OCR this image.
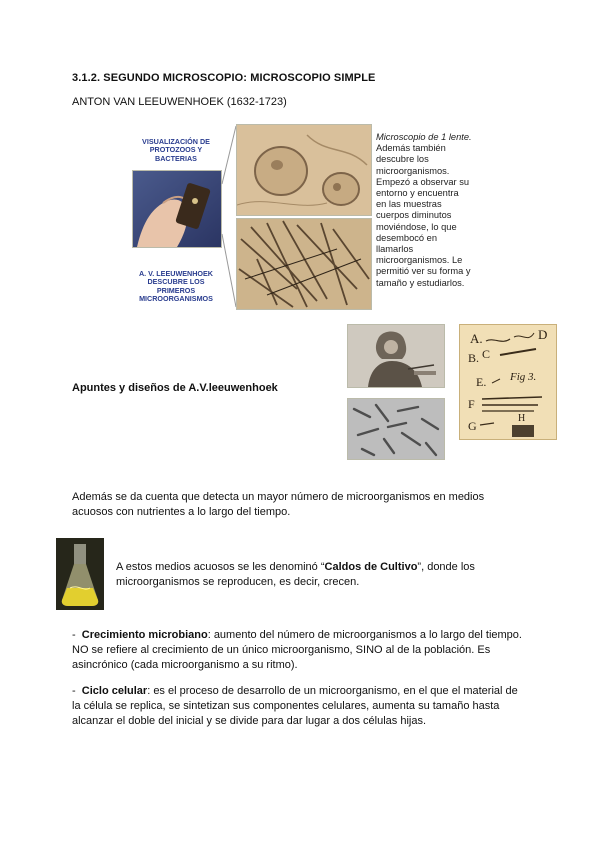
3.1.2. SEGUNDO MICROSCOPIO: MICROSCOPIO SIMPLE
ANTON VAN LEEUWENHOEK (1632-1723)
VISUALIZACIÓN DE
PROTOZOOS Y BACTERIAS
A. V. LEEUWENHOEK
DESCUBRE LOS PRIMEROS
MICROORGANISMOS
Microscopio de 1 lente.
Además también
descubre los
microorganismos.
Empezó a observar su
entorno y encuentra
en las muestras
cuerpos diminutos
moviéndose, lo que
desembocó en
llamarlos
microorganismos. Le
permitió ver su forma y
tamaño y estudiarlos.
Apuntes y diseños de A.V.leeuwenhoek
A.	D
B. C
E. Fig 3.
F
G
H
Además se da cuenta que detecta un mayor número de microorganismos en medios
acuosos con nutrientes a lo largo del tiempo.
A estos medios acuosos se les denominó “Caldos de Cultivo”, donde los
microorganismos se reproducen, es decir, crecen.
-  Crecimiento microbiano: aumento del número de microorganismos a lo largo del tiempo.
NO se refiere al crecimiento de un único microorganismo, SINO al de la población. Es
asincrónico (cada microorganismo a su ritmo).
-  Ciclo celular: es el proceso de desarrollo de un microorganismo, en el que el material de
la célula se replica, se sintetizan sus componentes celulares, aumenta su tamaño hasta
alcanzar el doble del inicial y se divide para dar lugar a dos células hijas.
